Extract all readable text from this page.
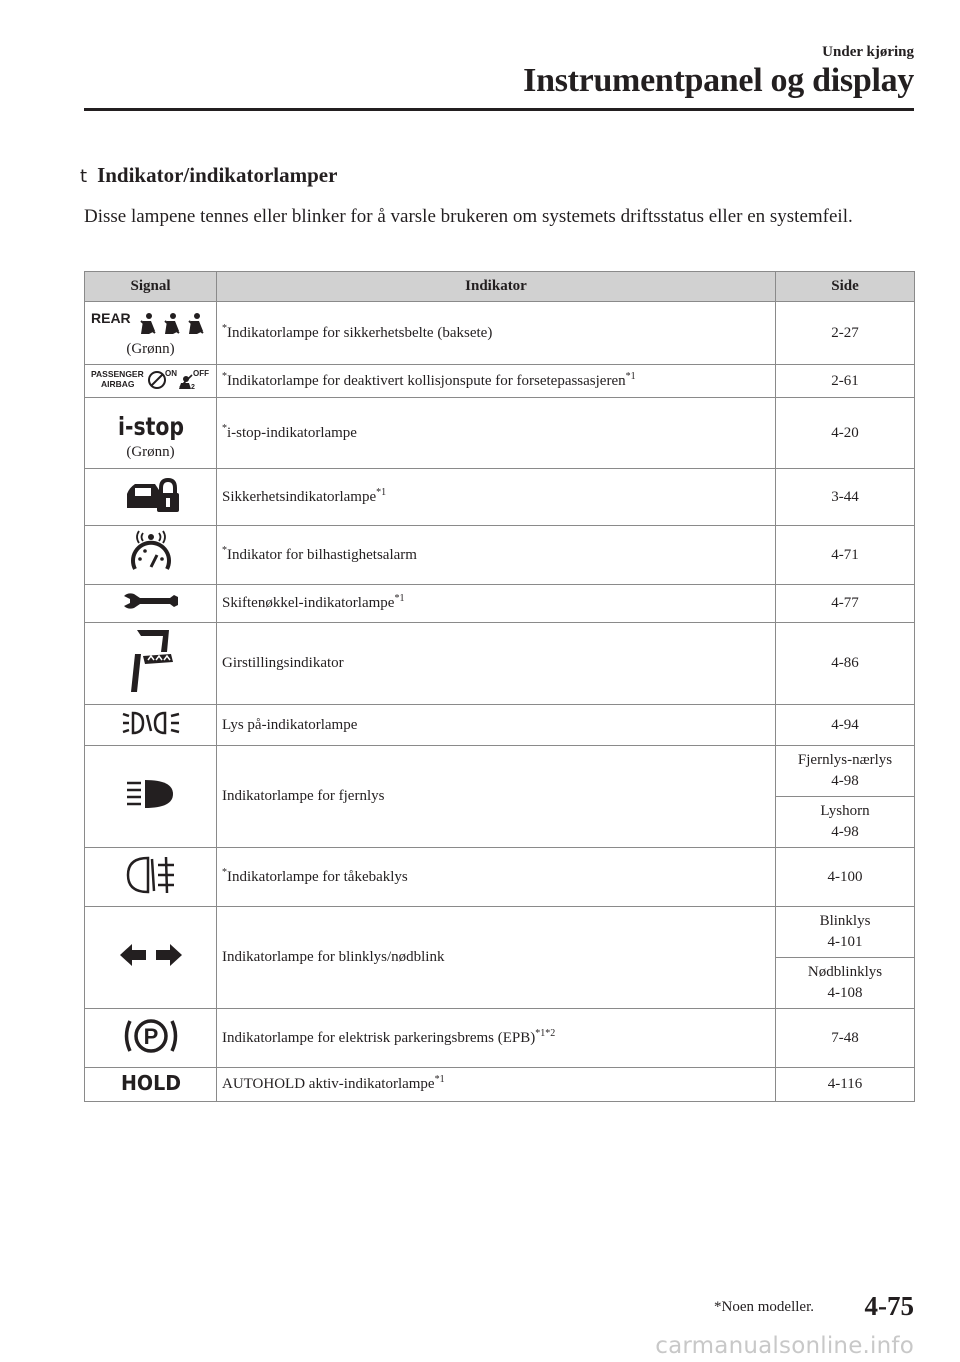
Under kjøring
Instrumentpanel og display
t Indikator/indikatorlamper
Disse lampene tennes eller blinker for å varsle brukeren om systemets driftsstatus eller en systemfeil.
Signal	Indikator	Side

REAR
(Grønn)	*Indikatorlampe for sikkerhetsbelte (baksete)	2-27

PASSENGER
AIRBAG
ON
2
OFF	*Indikatorlampe for deaktivert kollisjonspute for forsetepassasjeren$^{*1}$	2-61

i-stop
(Grønn)	*i-stop-indikatorlampe	4-20
	Sikkerhetsindikatorlampe$^{*1}$	3-44
	*Indikator for bilhastighetsalarm	4-71
	Skiftenøkkel-indikatorlampe$^{*1}$	4-77
	Girstillingsindikator	4-86
	Lys på-indikatorlampe	4-94
	Indikatorlampe for fjernlys	Fjernlys-nærlys
4-98
		Lyshorn
4-98
	*Indikatorlampe for tåkebaklys	4-100
	Indikatorlampe for blinklys/nødblink	Blinklys
4-101
		Nødblinklys
4-108

P	Indikatorlampe for elektrisk parkeringsbrems (EPB)$^{*1*2}$	7-48

HOLD	AUTOHOLD aktiv-indikatorlampe$^{*1}$	4-116
*Noen modeller. 4-75
carmanualsonline.info
